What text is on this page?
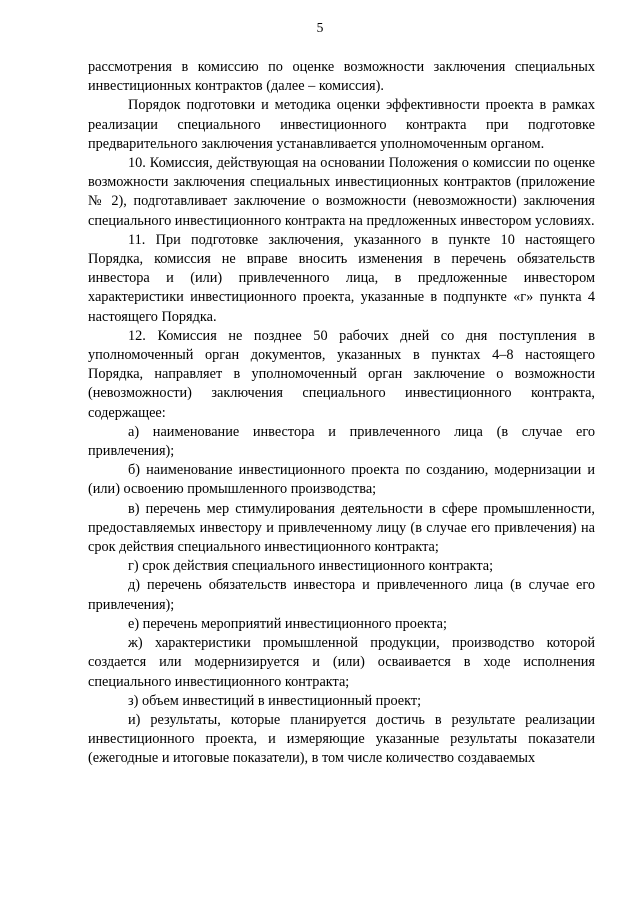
5

рассмотрения в комиссию по оценке возможности заключения специальных инвестиционных контрактов (далее – комиссия).

Порядок подготовки и методика оценки эффективности проекта в рамках реализации специального инвестиционного контракта при подготовке предварительного заключения устанавливается уполномоченным органом.

10. Комиссия, действующая на основании Положения о комиссии по оценке возможности заключения специальных инвестиционных контрактов (приложение № 2), подготавливает заключение о возможности (невозможности) заключения специального инвестиционного контракта на предложенных инвестором условиях.

11. При подготовке заключения, указанного в пункте 10 настоящего Порядка, комиссия не вправе вносить изменения в перечень обязательств инвестора и (или) привлеченного лица, в предложенные инвестором характеристики инвестиционного проекта, указанные в подпункте «г» пункта 4 настоящего Порядка.

12. Комиссия не позднее 50 рабочих дней со дня поступления в уполномоченный орган документов, указанных в пунктах 4–8 настоящего Порядка, направляет в уполномоченный орган заключение о возможности (невозможности) заключения специального инвестиционного контракта, содержащее:

а) наименование инвестора и привлеченного лица (в случае его привлечения);

б) наименование инвестиционного проекта по созданию, модернизации и (или) освоению промышленного производства;

в) перечень мер стимулирования деятельности в сфере промышленности, предоставляемых инвестору и привлеченному лицу (в случае его привлечения) на срок действия специального инвестиционного контракта;

г) срок действия специального инвестиционного контракта;

д) перечень обязательств инвестора и привлеченного лица (в случае его привлечения);

е) перечень мероприятий инвестиционного проекта;

ж) характеристики промышленной продукции, производство которой создается или модернизируется и (или) осваивается в ходе исполнения специального инвестиционного контракта;

з) объем инвестиций в инвестиционный проект;

и) результаты, которые планируется достичь в результате реализации инвестиционного проекта, и измеряющие указанные результаты показатели (ежегодные и итоговые показатели), в том числе количество создаваемых
